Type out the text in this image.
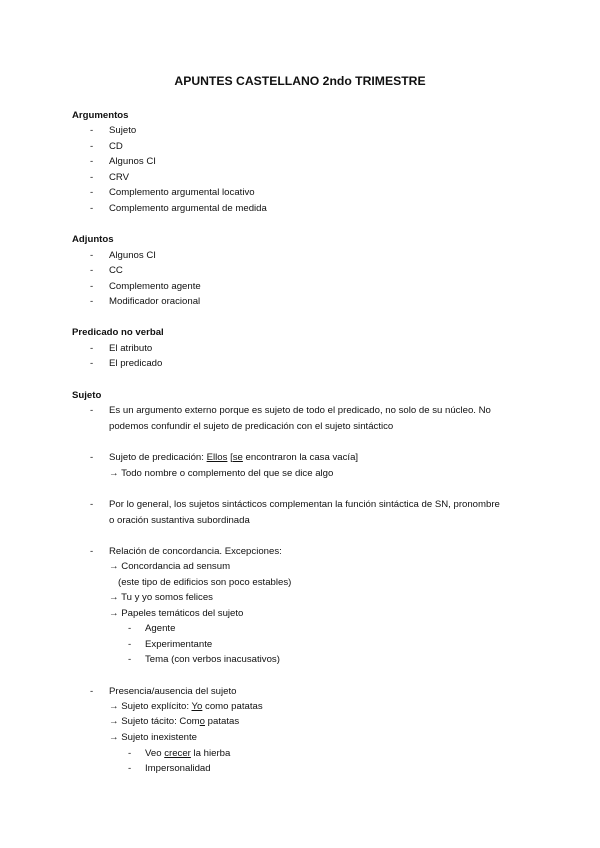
APUNTES CASTELLANO 2ndo TRIMESTRE
Argumentos
- Sujeto
- CD
- Algunos CI
- CRV
- Complemento argumental locativo
- Complemento argumental de medida
Adjuntos
- Algunos CI
- CC
- Complemento agente
- Modificador oracional
Predicado no verbal
- El atributo
- El predicado
Sujeto
- Es un argumento externo porque es sujeto de todo el predicado, no solo de su núcleo. No
podemos confundir el sujeto de predicación con el sujeto sintáctico
- Sujeto de predicación: Ellos [se encontraron la casa vacía]
→ Todo nombre o complemento del que se dice algo
- Por lo general, los sujetos sintácticos complementan la función sintáctica de SN, pronombre
o oración sustantiva subordinada
- Relación de concordancia. Excepciones:
→ Concordancia ad sensum
(este tipo de edificios son poco estables)
→ Tu y yo somos felices
→ Papeles temáticos del sujeto
- Agente
- Experimentante
- Tema (con verbos inacusativos)
- Presencia/ausencia del sujeto
→ Sujeto explícito: Yo como patatas
→ Sujeto tácito: Como patatas
→ Sujeto inexistente
- Veo crecer la hierba
- Impersonalidad
